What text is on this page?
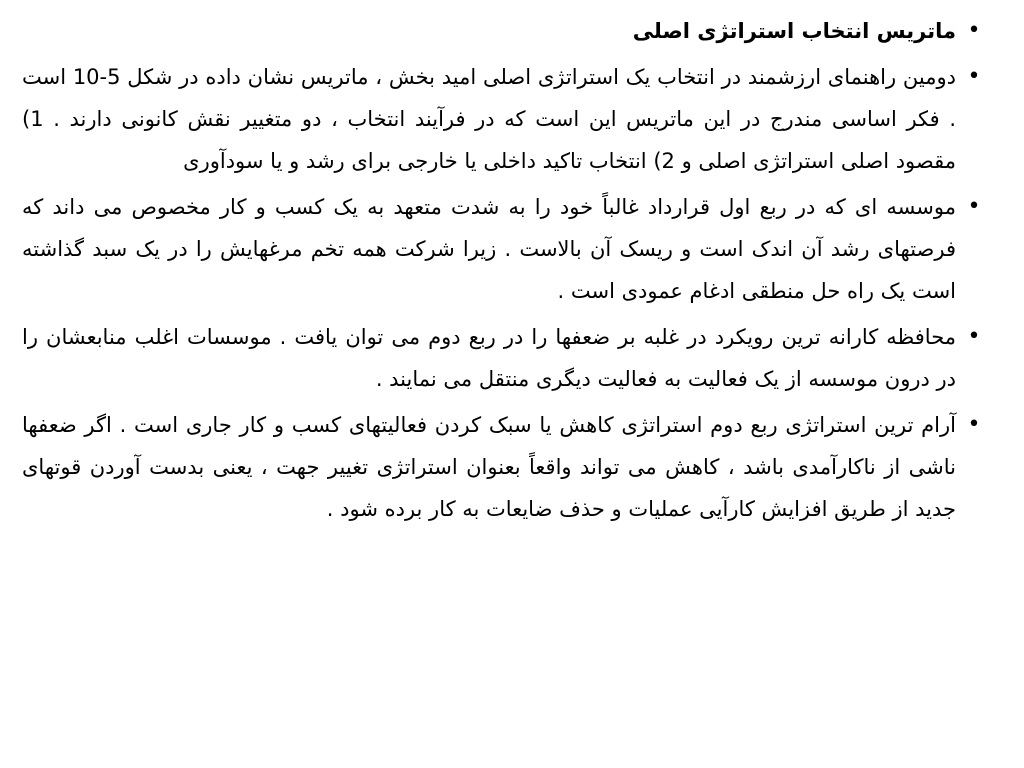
•
ماتریس انتخاب استراتژی اصلی
•
دومین راهنمای ارزشمند در انتخاب یک استراتژی اصلی امید بخش ، ماتریس نشان داده در شکل 5-10 است . فکر اساسی مندرج در این ماتریس این است که در فرآیند انتخاب ، دو متغییر نقش کانونی دارند . 1) مقصود اصلی استراتژی اصلی و 2) انتخاب تاکید داخلی یا خارجی برای رشد و یا سودآوری
•
موسسه ای که در ربع اول قرارداد غالباً خود را به شدت متعهد به یک کسب و کار مخصوص می داند که فرصتهای رشد آن اندک است و ریسک آن بالاست . زیرا شرکت همه تخم مرغهایش را در یک سبد گذاشته است یک راه حل منطقی ادغام عمودی است .
•
محافظه کارانه ترین رویکرد در غلبه بر ضعفها را در ربع دوم می توان یافت . موسسات اغلب منابعشان را در درون موسسه از یک فعالیت به فعالیت دیگری منتقل می نمایند .
•
آرام ترین استراتژی ربع دوم استراتژی کاهش یا سبک کردن فعالیتهای کسب و کار جاری است . اگر ضعفها ناشی از ناکارآمدی باشد ، کاهش می تواند واقعاً بعنوان استراتژی تغییر جهت ، یعنی بدست آوردن قوتهای جدید از طریق افزایش کارآیی عملیات و حذف ضایعات به کار برده شود .
